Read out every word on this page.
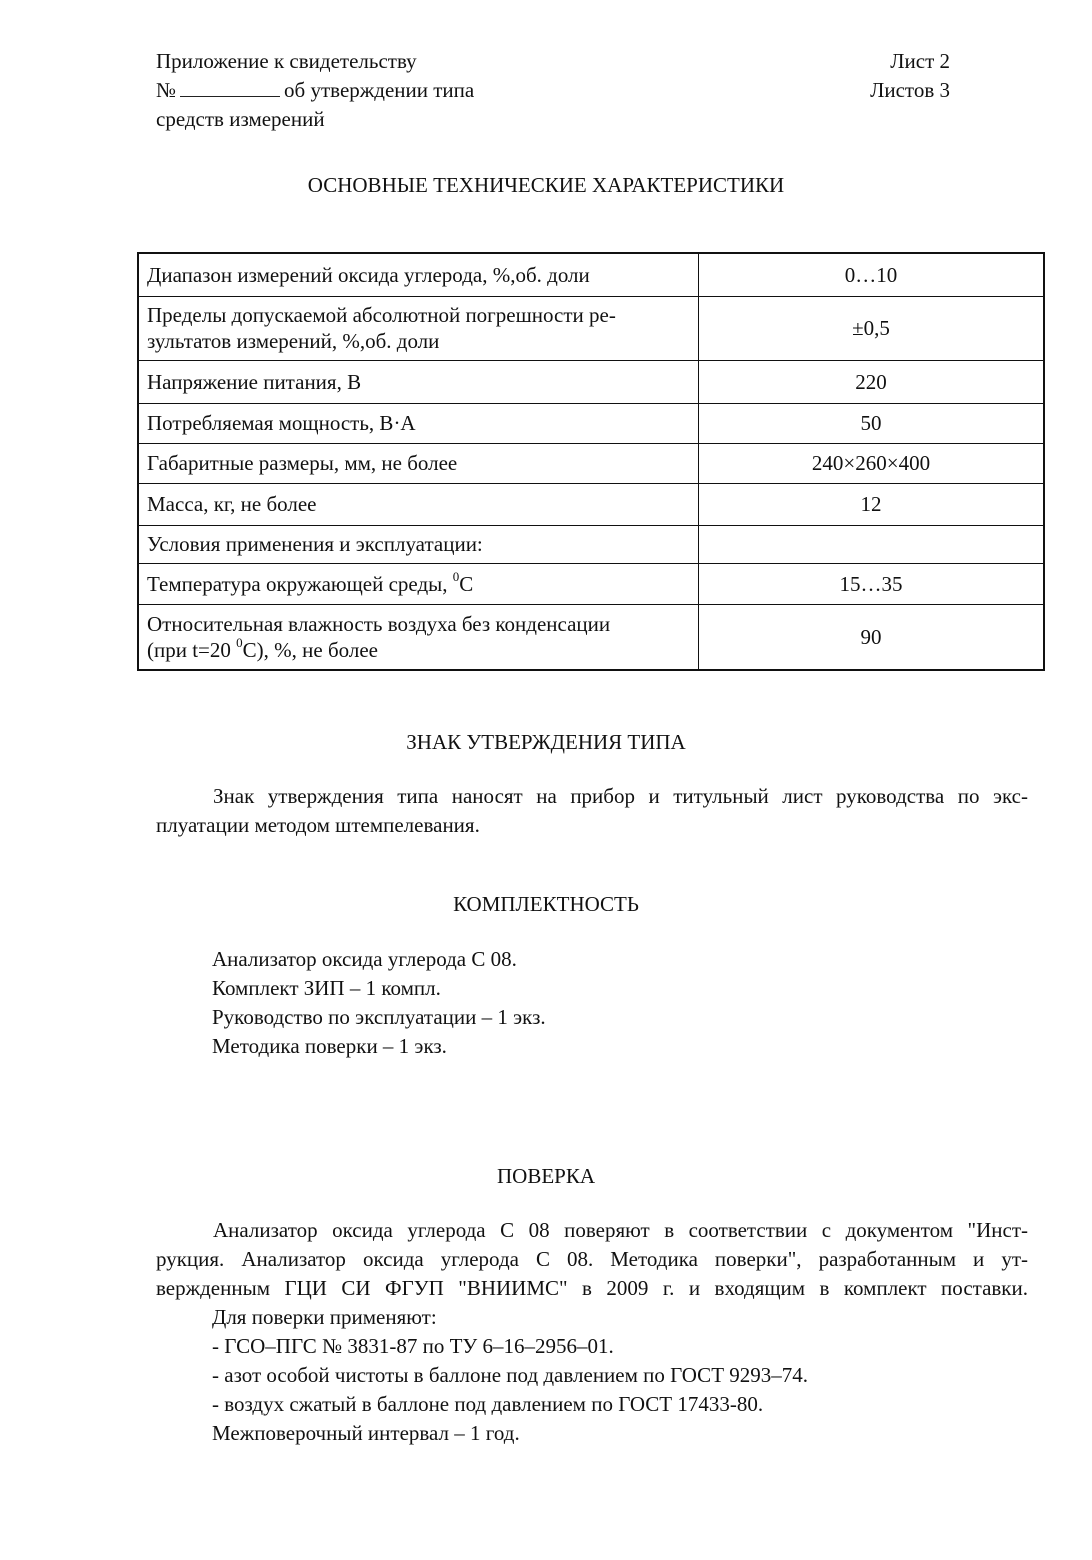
Приложение к свидетельству
№	об утверждении типа
средств измерений
Лист 2
Листов 3
ОСНОВНЫЕ ТЕХНИЧЕСКИЕ ХАРАКТЕРИСТИКИ
Диапазон измерений оксида углерода, %,об. доли	0…10

Пределы допускаемой абсолютной погрешности ре-
зультатов измерений, %,об. доли	±0,5
Напряжение питания, В	220
Потребляемая мощность, В·А	50
Габаритные размеры, мм, не более	240×260×400
Масса, кг, не более	12
Условия применения и эксплуатации:	
Температура окружающей среды, $^0$С	15…35

Относительная влажность воздуха без конденсации
(при t=20 $^0$С), %, не более	90
ЗНАК УТВЕРЖДЕНИЯ ТИПА
Знак утверждения типа наносят на прибор и титульный лист руководства по экс-
плуатации методом штемпелевания.
КОМПЛЕКТНОСТЬ
Анализатор оксида углерода С 08.
Комплект ЗИП – 1 компл.
Руководство по эксплуатации – 1 экз.
Методика поверки – 1 экз.
ПОВЕРКА
Анализатор оксида углерода С 08 поверяют в соответствии с документом "Инст-
рукция. Анализатор оксида углерода С 08. Методика поверки", разработанным и ут-
вержденным ГЦИ СИ ФГУП "ВНИИМС" в 2009 г. и входящим в комплект поставки.
Для поверки применяют:
- ГСО–ПГС № 3831-87 по ТУ 6–16–2956–01.
- азот особой чистоты в баллоне под давлением по ГОСТ 9293–74.
- воздух сжатый в баллоне под давлением по ГОСТ 17433-80.
Межповерочный интервал – 1 год.
